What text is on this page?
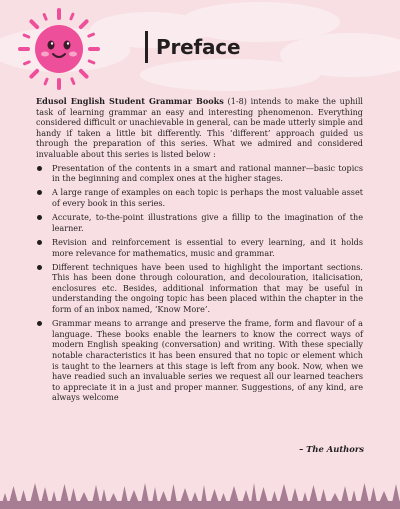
Preface

Edusol English Student Grammar Books (1-8) intends to make the uphill task of learning grammar an easy and interesting phenomenon. Everything considered difficult or unachievable in general, can be made utterly simple and handy if taken a little bit differently. This ‘different’ approach guided us through the preparation of this series. What we admired and considered invaluable about this series is listed below :

Presentation of the contents in a smart and rational manner—basic topics in the beginning and complex ones at the higher stages.
A large range of examples on each topic is perhaps the most valuable asset of every book in this series.
Accurate, to-the-point illustrations give a fillip to the imagination of the learner.
Revision and reinforcement is essential to every learning, and it holds more relevance for mathematics, music and grammar.
Different techniques have been used to highlight the important sections. This has been done through colouration, and decolouration, italicisation, enclosures etc. Besides, additional information that may be useful in understanding the ongoing topic has been placed within the chapter in the form of an inbox named, ‘Know More’.
Grammar means to arrange and preserve the frame, form and flavour of a language. These books enable the learners to know the correct ways of modern English speaking (conversation) and writing. With these specially notable characteristics it has been ensured that no topic or element which is taught to the learners at this stage is left from any book. Now, when we have readied such an invaluable series we request all our learned teachers to appreciate it in a just and proper manner. Suggestions, of any kind, are always welcome
– The Authors
